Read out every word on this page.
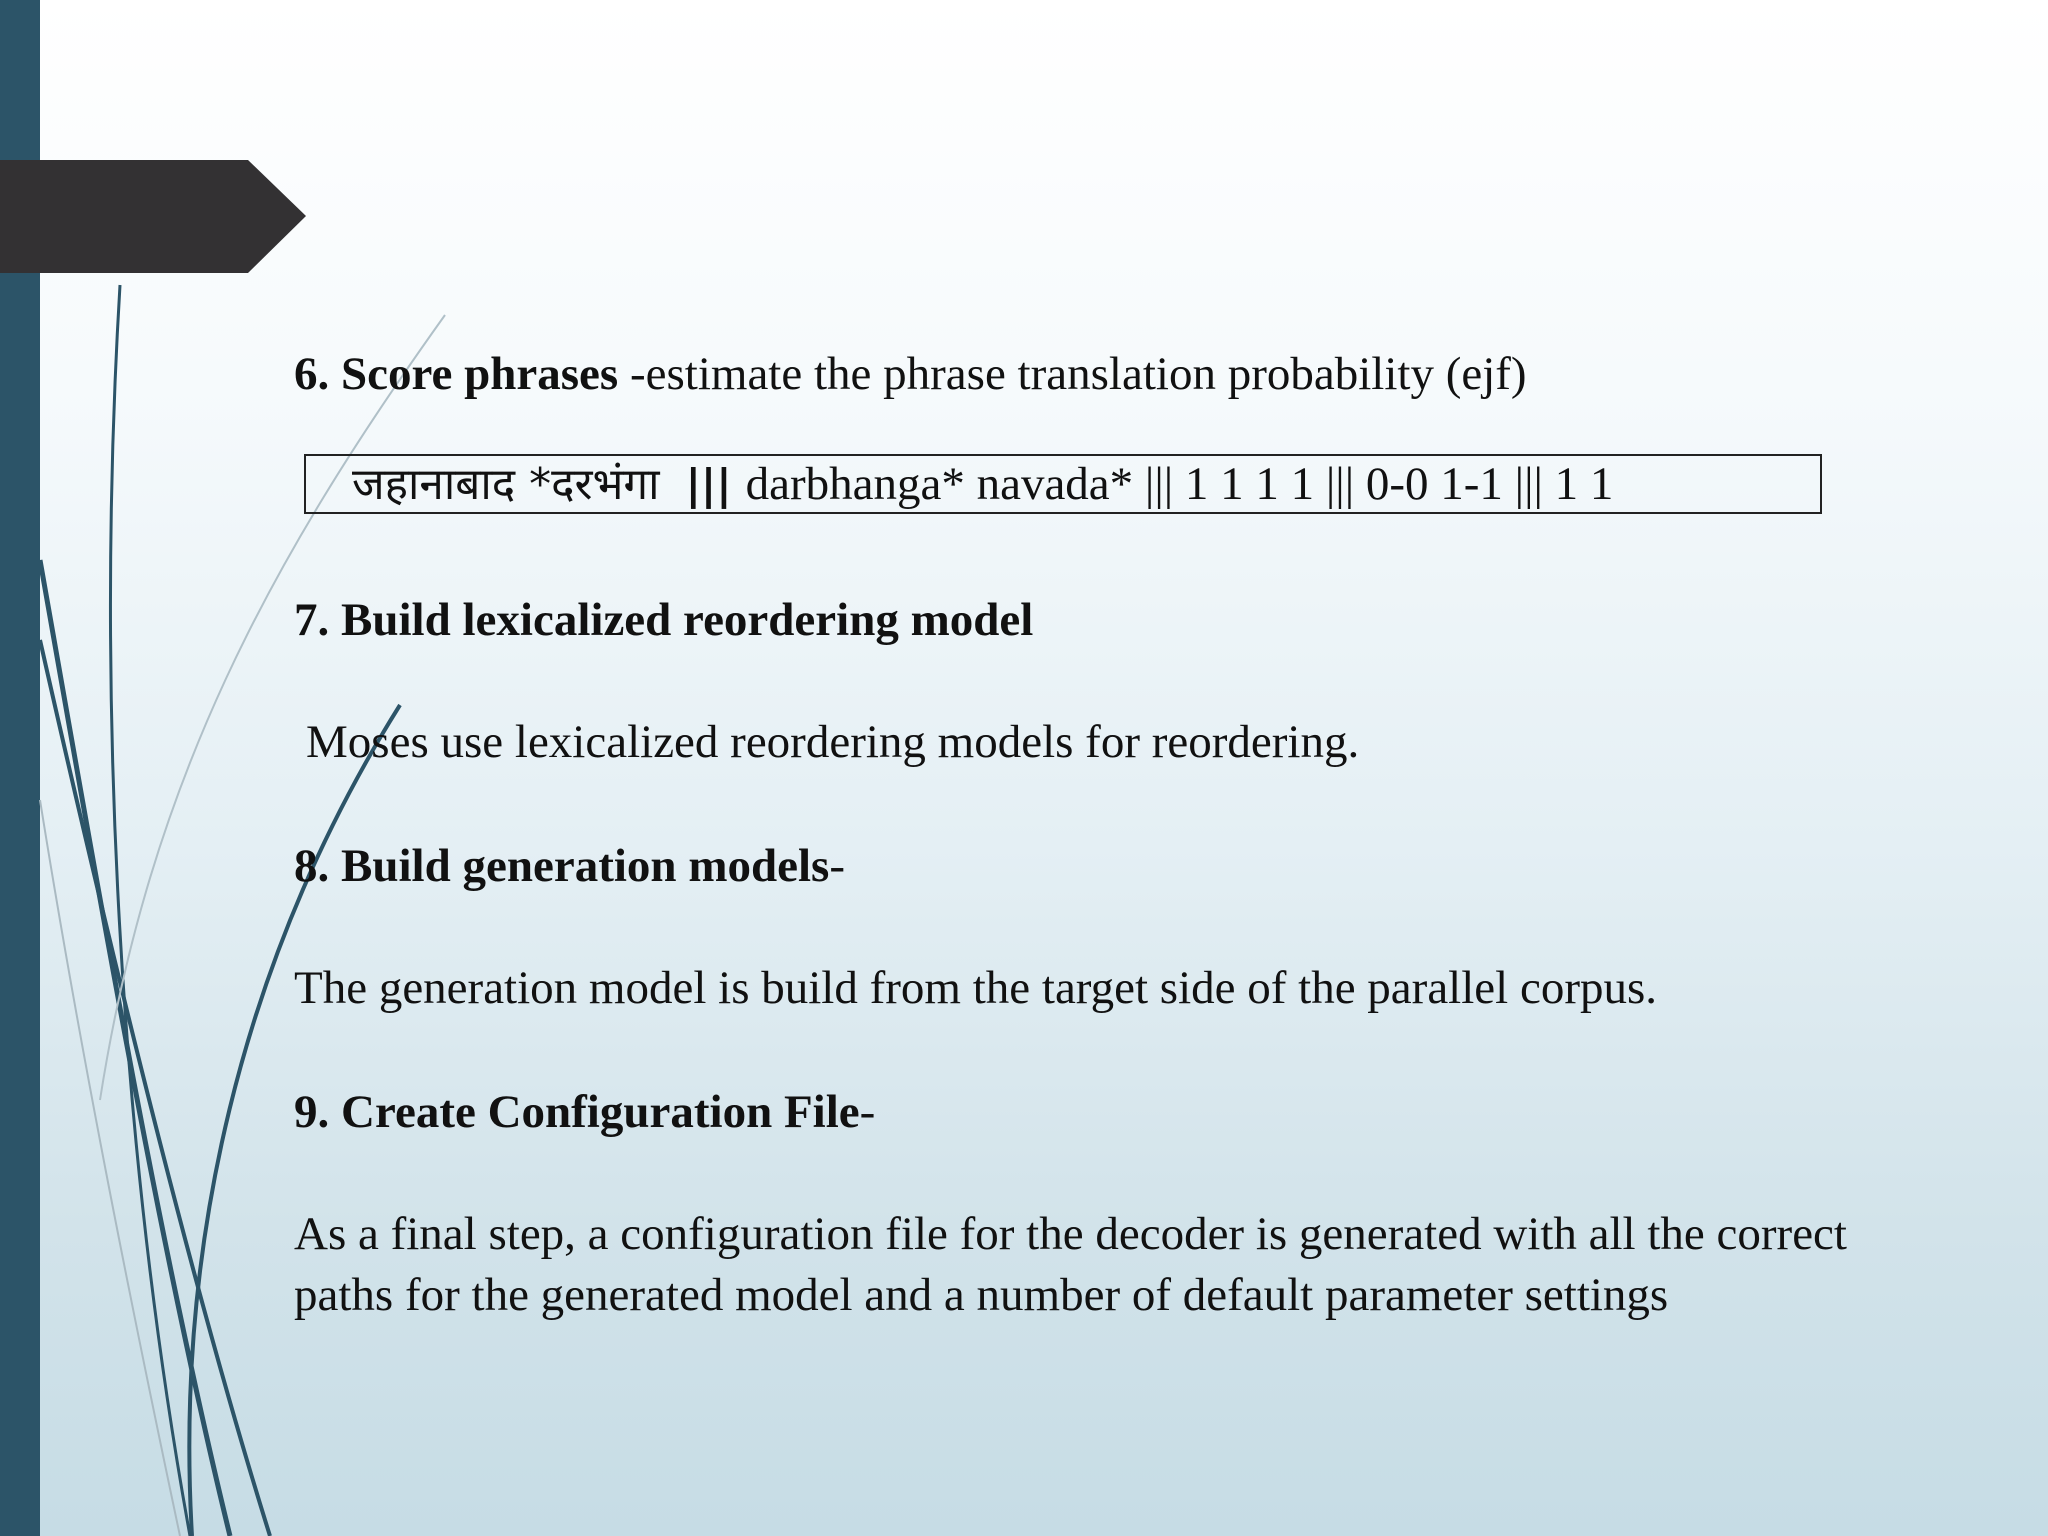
6. Score phrases -estimate the phrase translation probability (ejf)
जहानाबाद *दरभंगा ||| darbhanga* navada* ||| 1 1 1 1 ||| 0-0 1-1 ||| 1 1
7. Build lexicalized reordering model
Moses use lexicalized reordering models for reordering.
8. Build generation models-
The generation model is build from the target side of the parallel corpus.
9. Create Configuration File-
As a final step, a configuration file for the decoder is generated with all the correct paths for the generated model and a number of default parameter settings
